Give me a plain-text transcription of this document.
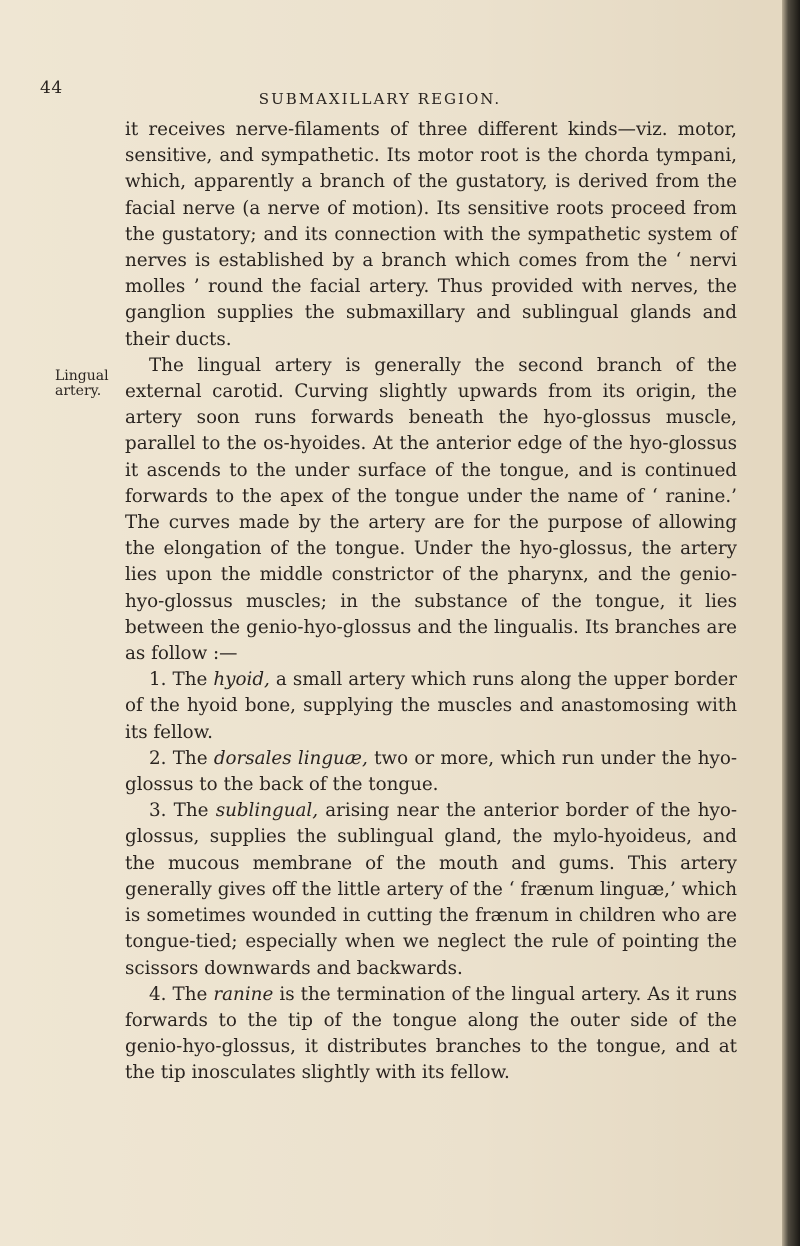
44
SUBMAXILLARY REGION.
Lingual
artery.

it receives nerve-filaments of three different kinds—viz. motor, sensitive, and sympathetic. Its motor root is the chorda tympani, which, apparently a branch of the gustatory, is derived from the facial nerve (a nerve of motion). Its sensitive roots proceed from the gustatory; and its connection with the sympathetic system of nerves is established by a branch which comes from the ‘ nervi molles ’ round the facial artery. Thus provided with nerves, the ganglion supplies the submaxillary and sublingual glands and their ducts.

The lingual artery is generally the second branch of the external carotid. Curving slightly upwards from its origin, the artery soon runs forwards beneath the hyo-glossus muscle, parallel to the os-hyoides. At the anterior edge of the hyo-glossus it ascends to the under surface of the tongue, and is continued forwards to the apex of the tongue under the name of ‘ ranine.’ The curves made by the artery are for the purpose of allowing the elongation of the tongue. Under the hyo-glossus, the artery lies upon the middle constrictor of the pharynx, and the genio-hyo-glossus muscles; in the substance of the tongue, it lies between the genio-hyo-glossus and the lingualis. Its branches are as follow :—

1. The hyoid, a small artery which runs along the upper border of the hyoid bone, supplying the muscles and anastomosing with its fellow.

2. The dorsales linguæ, two or more, which run under the hyo-glossus to the back of the tongue.

3. The sublingual, arising near the anterior border of the hyo-glossus, supplies the sublingual gland, the mylo-hyoideus, and the mucous membrane of the mouth and gums. This artery generally gives off the little artery of the ‘ frænum linguæ,’ which is sometimes wounded in cutting the frænum in children who are tongue-tied; especially when we neglect the rule of pointing the scissors downwards and backwards.

4. The ranine is the termination of the lingual artery. As it runs forwards to the tip of the tongue along the outer side of the genio-hyo-glossus, it distributes branches to the tongue, and at the tip inosculates slightly with its fellow.
